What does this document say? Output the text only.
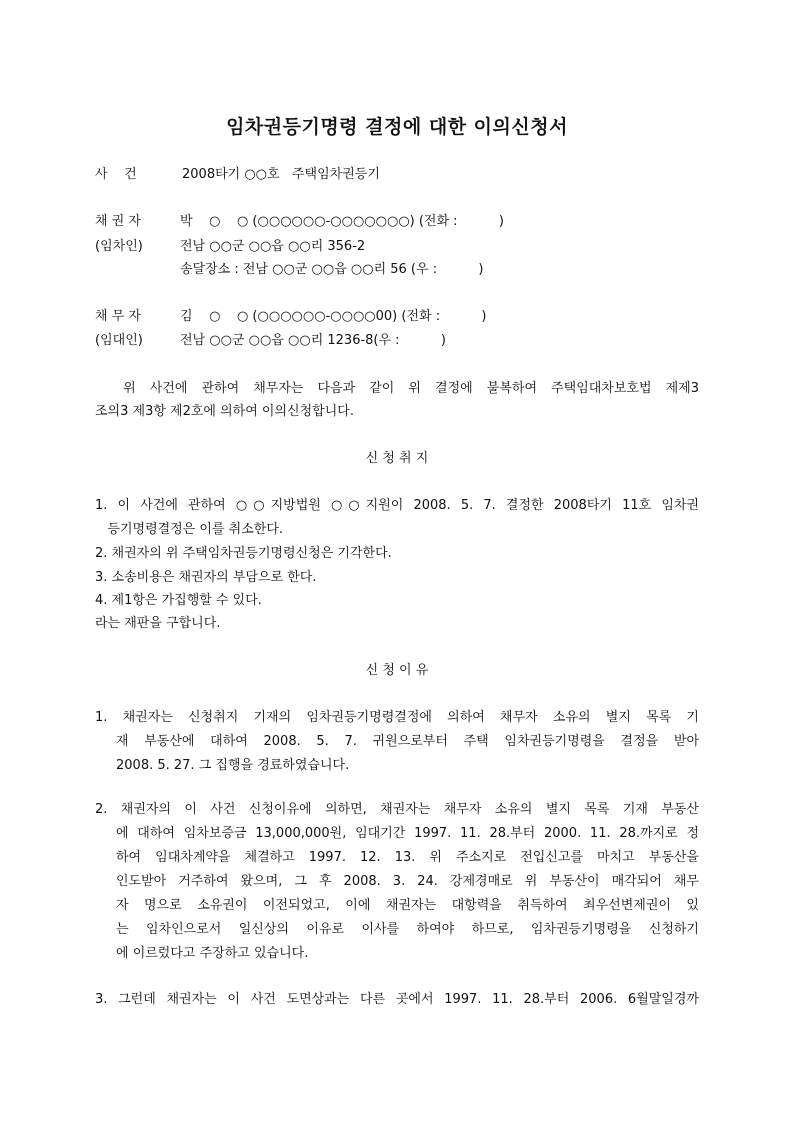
임차권등기명령 결정에 대한 이의신청서
사    건	2008타기 ○○호   주택임차권등기
채 권 자	박    ○    ○ (○○○○○○-○○○○○○○) (전화 :          )
(임차인)	전남 ○○군 ○○읍 ○○리 356-2
송달장소 : 전남 ○○군 ○○읍 ○○리 56 (우 :          )
채 무 자	김    ○    ○ (○○○○○○-○○○○00) (전화 :          )
(임대인)	전남 ○○군 ○○읍 ○○리 1236-8(우 :          )
위 사건에 관하여 채무자는 다음과 같이 위 결정에 불복하여 주택임대차보호법 제제3
조의3 제3항 제2호에 의하여 이의신청합니다.
신 청 취 지
1. 이 사건에 관하여 ○○지방법원 ○○지원이 2008. 5. 7. 결정한 2008타기 11호 임차권
등기명령결정은 이를 취소한다.
2. 채권자의 위 주택임차권등기명령신청은 기각한다.
3. 소송비용은 채권자의 부담으로 한다.
4. 제1항은 가집행할 수 있다.
라는 재판을 구합니다.
신 청 이 유
1. 채권자는 신청취지 기재의 임차권등기명령결정에 의하여 채무자 소유의 별지 목록 기
재 부동산에 대하여 2008. 5. 7. 귀원으로부터 주택 임차권등기명령을 결정을 받아
2008. 5. 27. 그 집행을 경료하였습니다.
2. 채권자의 이 사건 신청이유에 의하면, 채권자는 채무자 소유의 별지 목록 기재 부동산
에 대하여 임차보증금 13,000,000원, 임대기간 1997. 11. 28.부터 2000. 11. 28.까지로 정
하여 임대차계약을 체결하고 1997. 12. 13. 위 주소지로 전입신고를 마치고 부동산을
인도받아 거주하여 왔으며, 그 후 2008. 3. 24. 강제경매로 위 부동산이 매각되어 채무
자 명으로 소유권이 이전되었고, 이에 채권자는 대항력을 취득하여 최우선변제권이 있
는 임차인으로서 일신상의 이유로 이사를 하여야 하므로, 임차권등기명령을 신청하기
에 이르렀다고 주장하고 있습니다.
3. 그런데 채권자는 이 사건 도면상과는 다른 곳에서 1997. 11. 28.부터 2006. 6월말일경까
